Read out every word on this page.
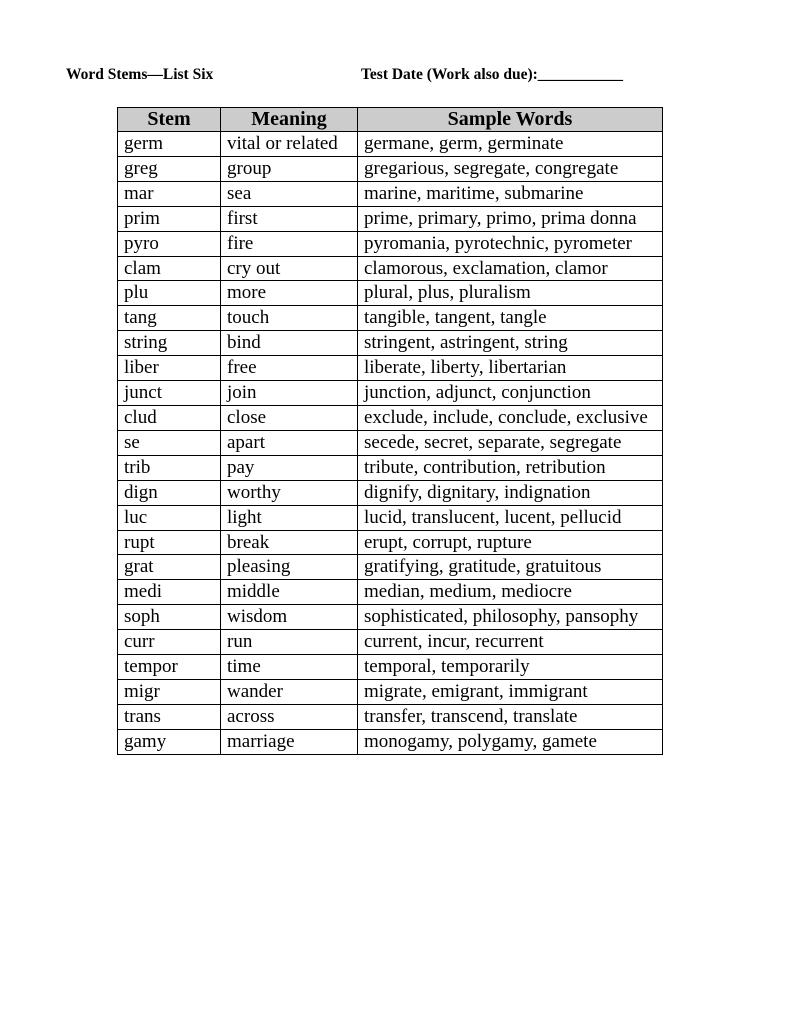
Word Stems—List Six	Test Date (Work also due):___________
Stem	Meaning	Sample Words
germ	vital or related	germane, germ, germinate
greg	group	gregarious, segregate, congregate
mar	sea	marine, maritime, submarine
prim	first	prime, primary, primo, prima donna
pyro	fire	pyromania, pyrotechnic, pyrometer
clam	cry out	clamorous, exclamation, clamor
plu	more	plural, plus, pluralism
tang	touch	tangible, tangent, tangle
string	bind	stringent, astringent, string
liber	free	liberate, liberty, libertarian
junct	join	junction, adjunct, conjunction
clud	close	exclude, include, conclude, exclusive
se	apart	secede, secret, separate, segregate
trib	pay	tribute, contribution, retribution
dign	worthy	dignify, dignitary, indignation
luc	light	lucid, translucent, lucent, pellucid
rupt	break	erupt, corrupt, rupture
grat	pleasing	gratifying, gratitude, gratuitous
medi	middle	median, medium, mediocre
soph	wisdom	sophisticated, philosophy, pansophy
curr	run	current, incur, recurrent
tempor	time	temporal, temporarily
migr	wander	migrate, emigrant, immigrant
trans	across	transfer, transcend, translate
gamy	marriage	monogamy, polygamy, gamete
